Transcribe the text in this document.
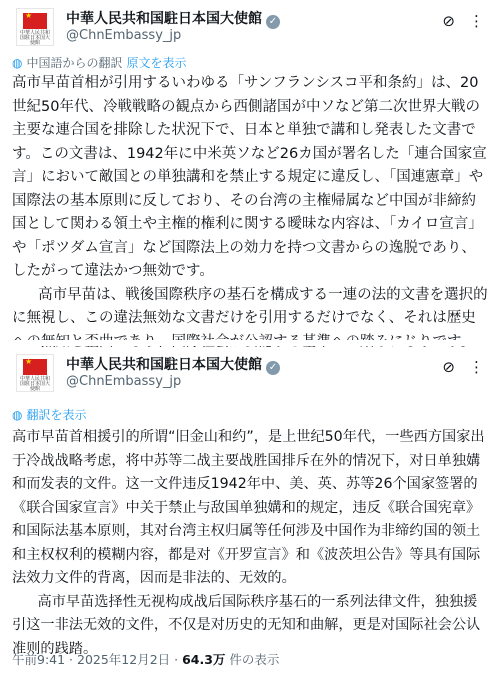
★
中華人民共和国駐日本国大使館
中華人民共和国駐日本国大使館 ✓
@ChnEmbassy_jp
⊘ ⋮
◍ 中国語からの翻訳 原文を表示

高市早苗首相が引用するいわゆる「サンフランシスコ平和条約」は、20世紀50年代、冷戦戦略の観点から西側諸国が中ソなど第二次世界大戦の主要な連合国を排除した状況下で、日本と単独で講和し発表した文書です。この文書は、1942年に中米英ソなど26カ国が署名した「連合国家宣言」において敵国との単独講和を禁止する規定に違反し、「国連憲章」や国際法の基本原則に反しており、その台湾の主権帰属など中国が非締約国として関わる領土や主権的権利に関する曖昧な内容は、「カイロ宣言」や「ポツダム宣言」など国際法上の効力を持つ文書からの逸脱であり、したがって違法かつ無効です。

高市早苗は、戦後国際秩序の基石を構成する一連の法的文書を選択的に無視し、この違法無効な文書だけを引用するだけでなく、それは歴史

★
中華人民共和国駐日本国大使館
中華人民共和国駐日本国大使館 ✓
@ChnEmbassy_jp
⊘ ⋮
◍ 翻訳を表示

高市早苗首相援引的所谓“旧金山和约”，是上世纪50年代，一些西方国家出于冷战战略考虑，将中苏等二战主要战胜国排斥在外的情况下，对日单独媾和而发表的文件。这一文件违反1942年中、美、英、苏等26个国家签署的《联合国家宣言》中关于禁止与敌国单独媾和的规定，违反《联合国宪章》和国际法基本原则，其对台湾主权归属等任何涉及中国作为非缔约国的领土和主权权利的模糊内容，都是对《开罗宣言》和《波茨坦公告》等具有国际法效力文件的背离，因而是非法的、无效的。

高市早苗选择性无视构成战后国际秩序基石的一系列法律文件，独独援引这一非法无效的文件，不仅是对历史的无知和曲解，更是对国际社会公认准则的践踏。

午前9:41 · 2025年12月2日 · 64.3万 件の表示
